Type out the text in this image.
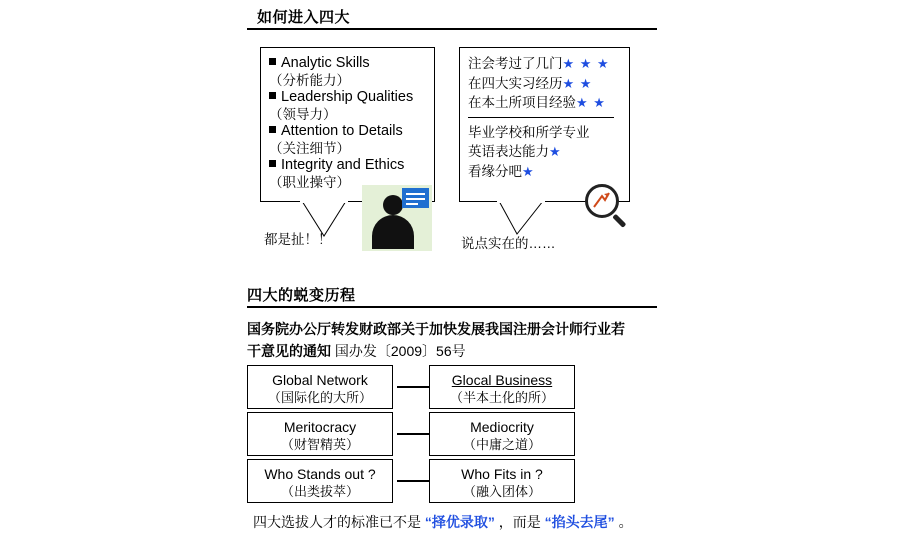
如何进入四大
Analytic Skills
（分析能力）
Leadership Qualities
（领导力）
Attention to Details
（关注细节）
Integrity and Ethics
（职业操守）
都是扯！！
注会考过了几门★ ★ ★
在四大实习经历★ ★
在本土所项目经验★ ★
毕业学校和所学专业
英语表达能力★
看缘分吧★
说点实在的……
四大的蜕变历程
国务院办公厅转发财政部关于加快发展我国注册会计师行业若
干意见的通知 国办发〔2009〕56号
Global Network
（国际化的大所）
Glocal Business
（半本土化的所）
Meritocracy
（财智精英）
Mediocrity
（中庸之道）
Who Stands out ?
（出类拔萃）
Who Fits in ?
（融入团体）
四大选拔人才的标准已不是 “择优录取” ，而是 “掐头去尾” 。
